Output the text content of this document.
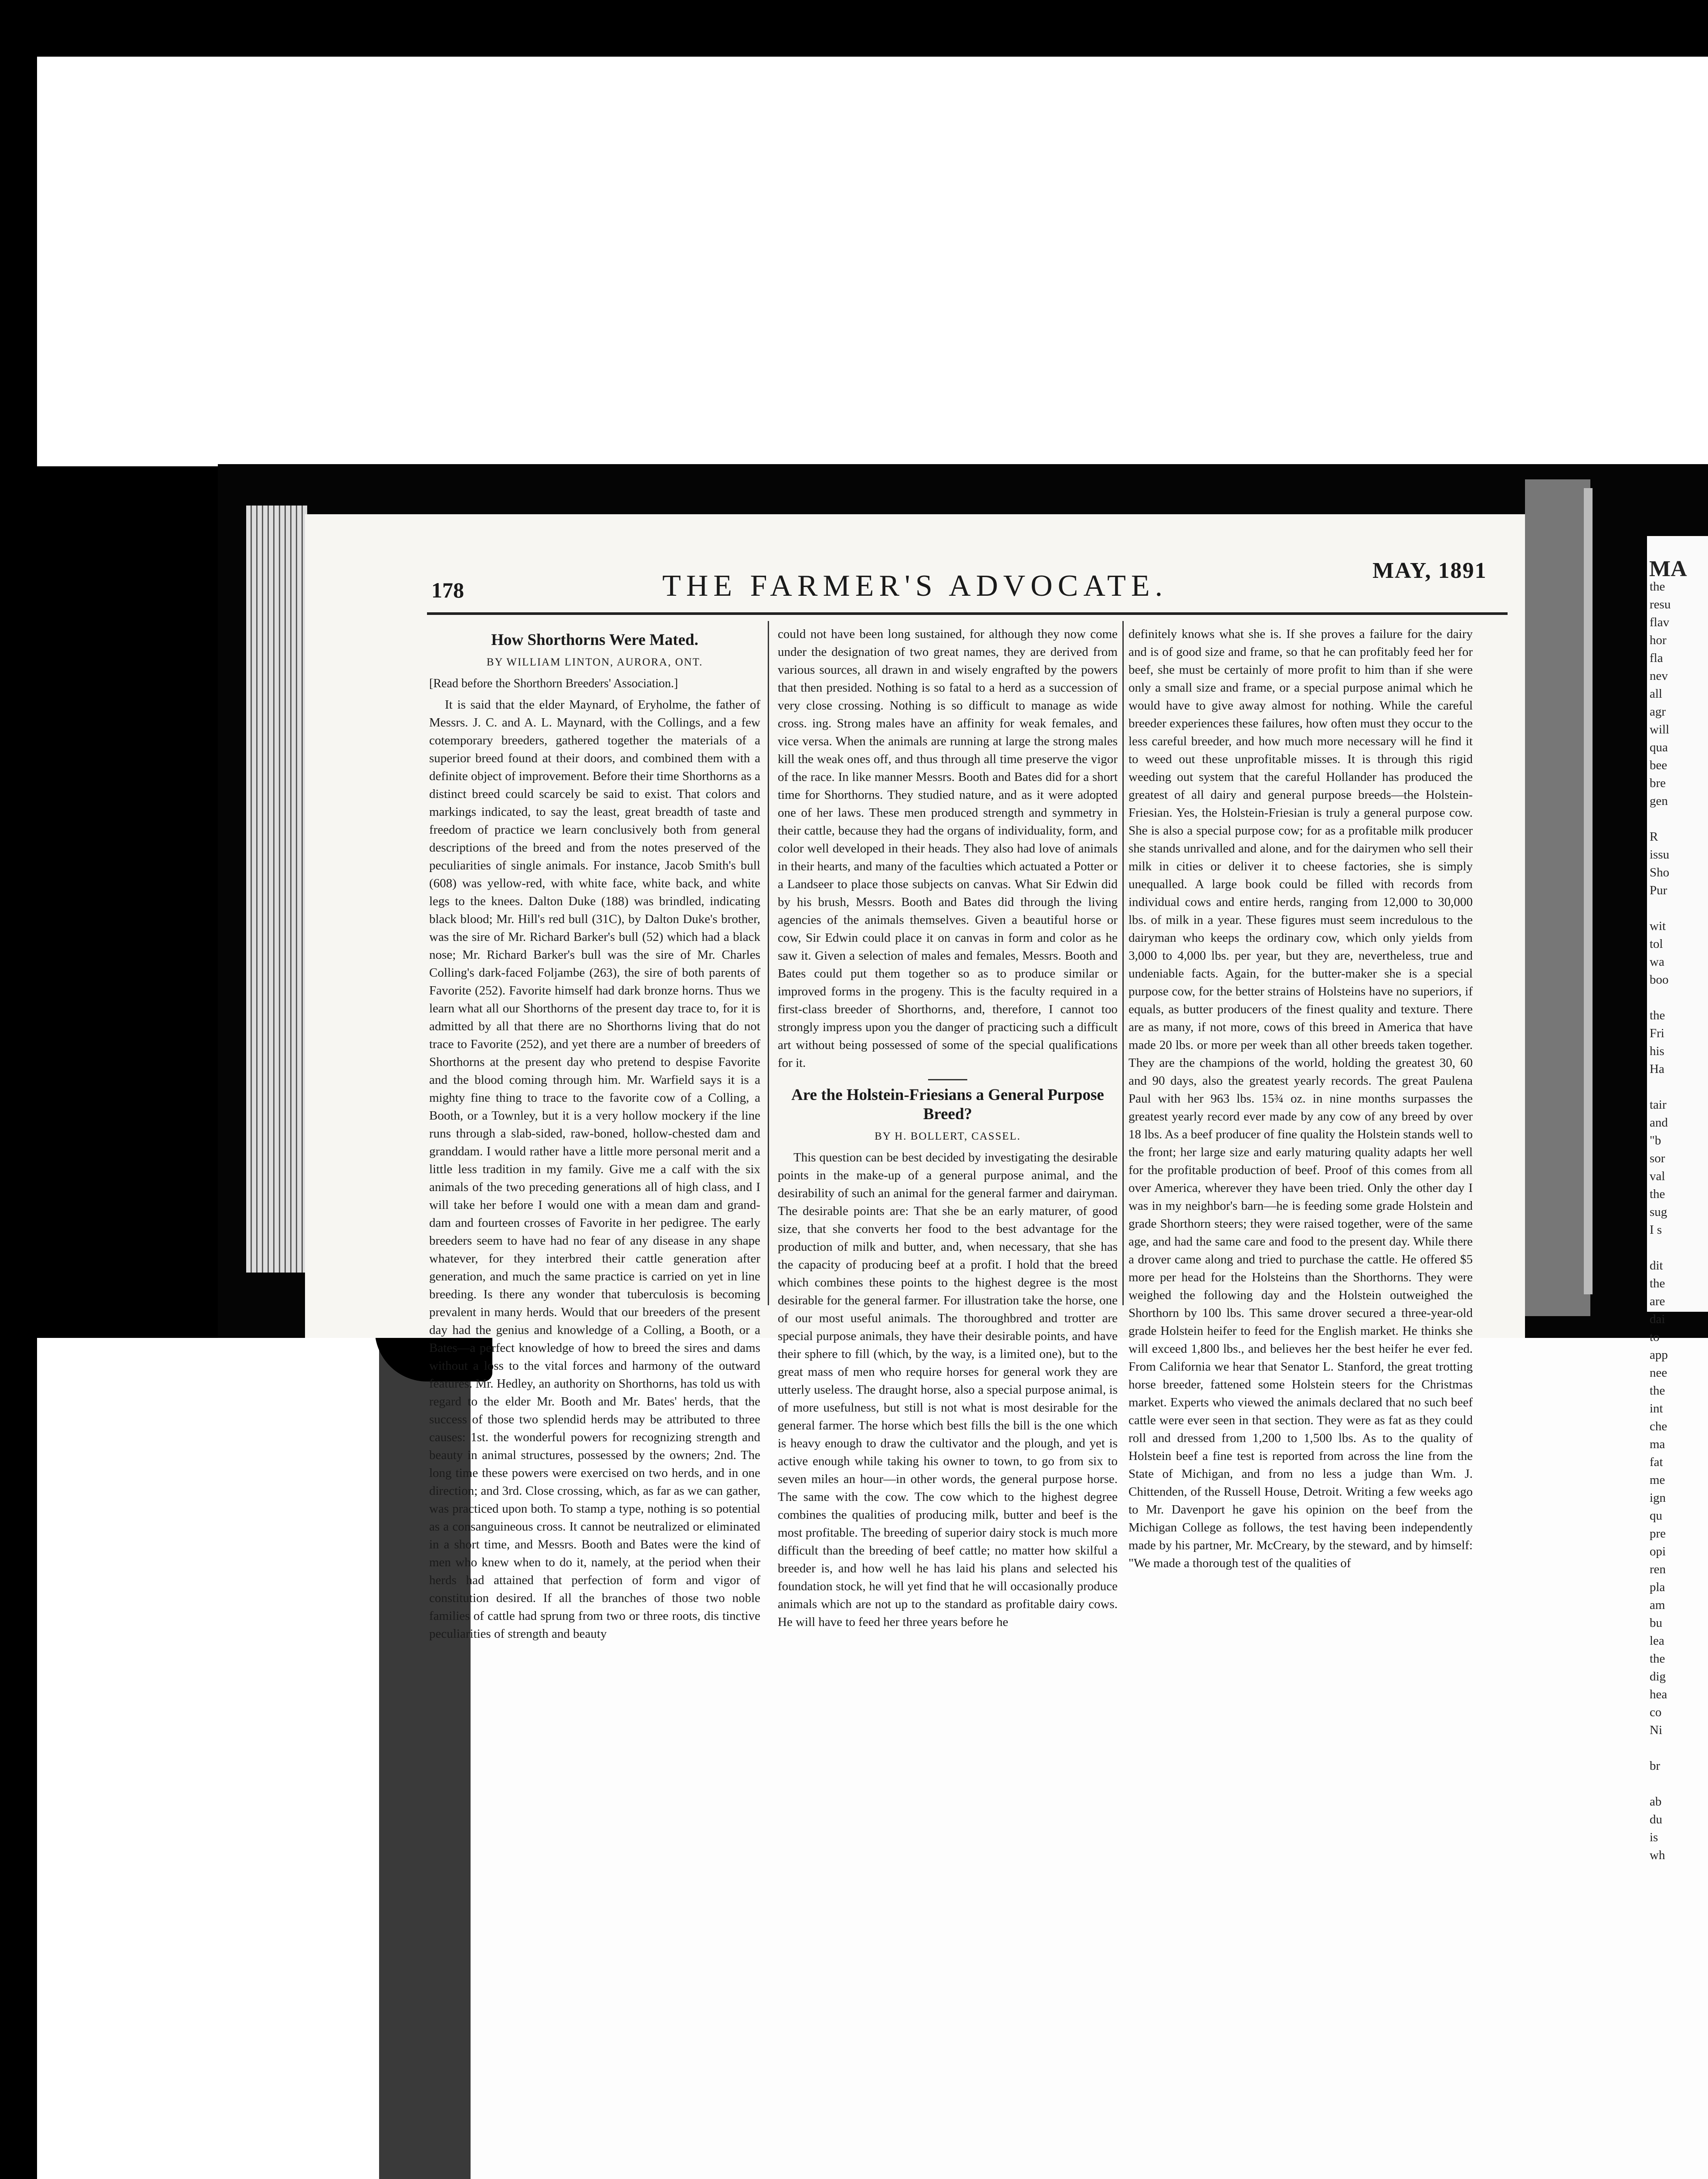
178	THE FARMER'S ADVOCATE.	MAY, 1891
How Shorthorns Were Mated.
BY WILLIAM LINTON, AURORA, ONT.
[Read before the Shorthorn Breeders' Association.]

It is said that the elder Maynard, of Eryholme, the father of Messrs. J. C. and A. L. Maynard, with the Collings, and a few cotemporary breeders, gathered together the materials of a superior breed found at their doors, and combined them with a definite object of improvement. Before their time Shorthorns as a distinct breed could scarcely be said to exist. That colors and markings indicated, to say the least, great breadth of taste and freedom of practice we learn conclusively both from general descriptions of the breed and from the notes preserved of the peculiarities of single animals. For instance, Jacob Smith's bull (608) was yellow-red, with white face, white back, and white legs to the knees. Dalton Duke (188) was brindled, indicating black blood; Mr. Hill's red bull (31C), by Dalton Duke's brother, was the sire of Mr. Richard Barker's bull (52) which had a black nose; Mr. Richard Barker's bull was the sire of Mr. Charles Colling's dark-faced Foljambe (263), the sire of both parents of Favorite (252). Favorite himself had dark bronze horns. Thus we learn what all our Shorthorns of the present day trace to, for it is admitted by all that there are no Shorthorns living that do not trace to Favorite (252), and yet there are a number of breeders of Shorthorns at the present day who pretend to despise Favorite and the blood coming through him. Mr. Warfield says it is a mighty fine thing to trace to the favorite cow of a Colling, a Booth, or a Townley, but it is a very hollow mockery if the line runs through a slab-sided, raw-boned, hollow-chested dam and granddam. I would rather have a little more personal merit and a little less tradition in my family. Give me a calf with the six animals of the two preceding generations all of high class, and I will take her before I would one with a mean dam and grand-dam and fourteen crosses of Favorite in her pedigree. The early breeders seem to have had no fear of any disease in any shape whatever, for they interbred their cattle generation after generation, and much the same practice is carried on yet in line breeding. Is there any wonder that tuberculosis is becoming prevalent in many herds. Would that our breeders of the present day had the genius and knowledge of a Colling, a Booth, or a Bates—a perfect knowledge of how to breed the sires and dams without a loss to the vital forces and harmony of the outward features. Mr. Hedley, an authority on Shorthorns, has told us with regard to the elder Mr. Booth and Mr. Bates' herds, that the success of those two splendid herds may be attributed to three causes: 1st. the wonderful powers for recognizing strength and beauty in animal structures, possessed by the owners; 2nd. The long time these powers were exercised on two herds, and in one direction; and 3rd. Close crossing, which, as far as we can gather, was practiced upon both. To stamp a type, nothing is so potential as a consanguineous cross. It cannot be neutralized or eliminated in a short time, and Messrs. Booth and Bates were the kind of men who knew when to do it, namely, at the period when their herds had attained that perfection of form and vigor of constitution desired. If all the branches of those two noble families of cattle had sprung from two or three roots, dis tinctive peculiarities of strength and beauty

could not have been long sustained, for although they now come under the designation of two great names, they are derived from various sources, all drawn in and wisely engrafted by the powers that then presided. Nothing is so fatal to a herd as a succession of very close crossing. Nothing is so difficult to manage as wide cross. ing. Strong males have an affinity for weak females, and vice versa. When the animals are running at large the strong males kill the weak ones off, and thus through all time preserve the vigor of the race. In like manner Messrs. Booth and Bates did for a short time for Shorthorns. They studied nature, and as it were adopted one of her laws. These men produced strength and symmetry in their cattle, because they had the organs of individuality, form, and color well developed in their heads. They also had love of animals in their hearts, and many of the faculties which actuated a Potter or a Landseer to place those subjects on canvas. What Sir Edwin did by his brush, Messrs. Booth and Bates did through the living agencies of the animals themselves. Given a beautiful horse or cow, Sir Edwin could place it on canvas in form and color as he saw it. Given a selection of males and females, Messrs. Booth and Bates could put them together so as to produce similar or improved forms in the progeny. This is the faculty required in a first-class breeder of Shorthorns, and, therefore, I cannot too strongly impress upon you the danger of practicing such a difficult art without being possessed of some of the special qualifications for it.

Are the Holstein-Friesians a General Purpose Breed?
BY H. BOLLERT, CASSEL.

This question can be best decided by investigating the desirable points in the make-up of a general purpose animal, and the desirability of such an animal for the general farmer and dairyman. The desirable points are: That she be an early maturer, of good size, that she converts her food to the best advantage for the production of milk and butter, and, when necessary, that she has the capacity of producing beef at a profit. I hold that the breed which combines these points to the highest degree is the most desirable for the general farmer. For illustration take the horse, one of our most useful animals. The thoroughbred and trotter are special purpose animals, they have their desirable points, and have their sphere to fill (which, by the way, is a limited one), but to the great mass of men who require horses for general work they are utterly useless. The draught horse, also a special purpose animal, is of more usefulness, but still is not what is most desirable for the general farmer. The horse which best fills the bill is the one which is heavy enough to draw the cultivator and the plough, and yet is active enough while taking his owner to town, to go from six to seven miles an hour—in other words, the general purpose horse. The same with the cow. The cow which to the highest degree combines the qualities of producing milk, butter and beef is the most profitable. The breeding of superior dairy stock is much more difficult than the breeding of beef cattle; no matter how skilful a breeder is, and how well he has laid his plans and selected his foundation stock, he will yet find that he will occasionally produce animals which are not up to the standard as profitable dairy cows. He will have to feed her three years before he

definitely knows what she is. If she proves a failure for the dairy and is of good size and frame, so that he can profitably feed her for beef, she must be certainly of more profit to him than if she were only a small size and frame, or a special purpose animal which he would have to give away almost for nothing. While the careful breeder experiences these failures, how often must they occur to the less careful breeder, and how much more necessary will he find it to weed out these unprofitable misses. It is through this rigid weeding out system that the careful Hollander has produced the greatest of all dairy and general purpose breeds—the Holstein-Friesian. Yes, the Holstein-Friesian is truly a general purpose cow. She is also a special purpose cow; for as a profitable milk producer she stands unrivalled and alone, and for the dairymen who sell their milk in cities or deliver it to cheese factories, she is simply unequalled. A large book could be filled with records from individual cows and entire herds, ranging from 12,000 to 30,000 lbs. of milk in a year. These figures must seem incredulous to the dairyman who keeps the ordinary cow, which only yields from 3,000 to 4,000 lbs. per year, but they are, nevertheless, true and undeniable facts. Again, for the butter-maker she is a special purpose cow, for the better strains of Holsteins have no superiors, if equals, as butter producers of the finest quality and texture. There are as many, if not more, cows of this breed in America that have made 20 lbs. or more per week than all other breeds taken together. They are the champions of the world, holding the greatest 30, 60 and 90 days, also the greatest yearly records. The great Paulena Paul with her 963 lbs. 15¾ oz. in nine months surpasses the greatest yearly record ever made by any cow of any breed by over 18 lbs. As a beef producer of fine quality the Holstein stands well to the front; her large size and early maturing quality adapts her well for the profitable production of beef. Proof of this comes from all over America, wherever they have been tried. Only the other day I was in my neighbor's barn—he is feeding some grade Holstein and grade Shorthorn steers; they were raised together, were of the same age, and had the same care and food to the present day. While there a drover came along and tried to purchase the cattle. He offered $5 more per head for the Holsteins than the Shorthorns. They were weighed the following day and the Holstein outweighed the Shorthorn by 100 lbs. This same drover secured a three-year-old grade Holstein heifer to feed for the English market. He thinks she will exceed 1,800 lbs., and believes her the best heifer he ever fed. From California we hear that Senator L. Stanford, the great trotting horse breeder, fattened some Holstein steers for the Christmas market. Experts who viewed the animals declared that no such beef cattle were ever seen in that section. They were as fat as they could roll and dressed from 1,200 to 1,500 lbs. As to the quality of Holstein beef a fine test is reported from across the line from the State of Michigan, and from no less a judge than Wm. J. Chittenden, of the Russell House, Detroit. Writing a few weeks ago to Mr. Davenport he gave his opinion on the beef from the Michigan College as follows, the test having been independently made by his partner, Mr. McCreary, by the steward, and by himself: "We made a thorough test of the qualities of

MA
the
resu
flav
hor
fla
nev
all
agr
will
qua
bee
bre
gen

R
issu
Sho
Pur

wit
tol
wa
boo

the
Fri
his
Ha

tair
and
"b
sor
val
the
sug
I s

dit
the
are
dai
to
app
nee
the
int
che
ma
fat
me
ign
qu
pre
opi
ren
pla
am
bu
lea
the
dig
hea
co
Ni

br

ab
du
is
wh
